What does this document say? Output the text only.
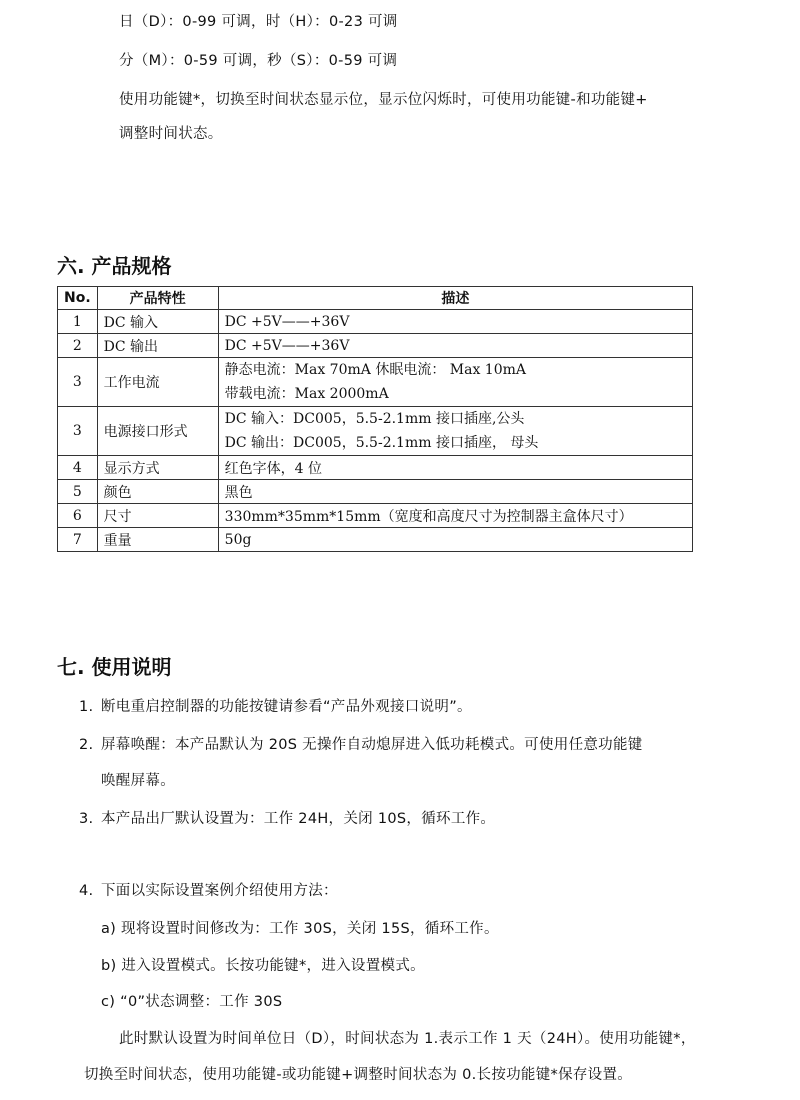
日（D）：0-99 可调，时（H）：0-23 可调
分（M）：0-59 可调，秒（S）：0-59 可调
使用功能键*，切换至时间状态显示位，显示位闪烁时，可使用功能键-和功能键+
调整时间状态。
六. 产品规格
No.	产品特性	描述
1	DC 输入	DC +5V——+36V
2	DC 输出	DC +5V——+36V
3	工作电流	静态电流：Max 70mA 休眠电流： Max 10mA
带载电流：Max 2000mA

3	电源接口形式	DC 输入：DC005，5.5-2.1mm 接口插座,公头
DC 输出：DC005，5.5-2.1mm 接口插座， 母头

4	显示方式	红色字体，4 位
5	颜色	黑色
6	尺寸	330mm*35mm*15mm（宽度和高度尺寸为控制器主盒体尺寸）
7	重量	50g
七. 使用说明
1. 断电重启控制器的功能按键请参看“产品外观接口说明”。
2. 屏幕唤醒：本产品默认为 20S 无操作自动熄屏进入低功耗模式。可使用任意功能键
唤醒屏幕。
3. 本产品出厂默认设置为：工作 24H，关闭 10S，循环工作。
4. 下面以实际设置案例介绍使用方法：
a) 现将设置时间修改为：工作 30S，关闭 15S，循环工作。
b) 进入设置模式。长按功能键*，进入设置模式。
c) “0”状态调整：工作 30S
此时默认设置为时间单位日（D），时间状态为 1.表示工作 1 天（24H）。使用功能键*，
切换至时间状态，使用功能键-或功能键+调整时间状态为 0.长按功能键*保存设置。
